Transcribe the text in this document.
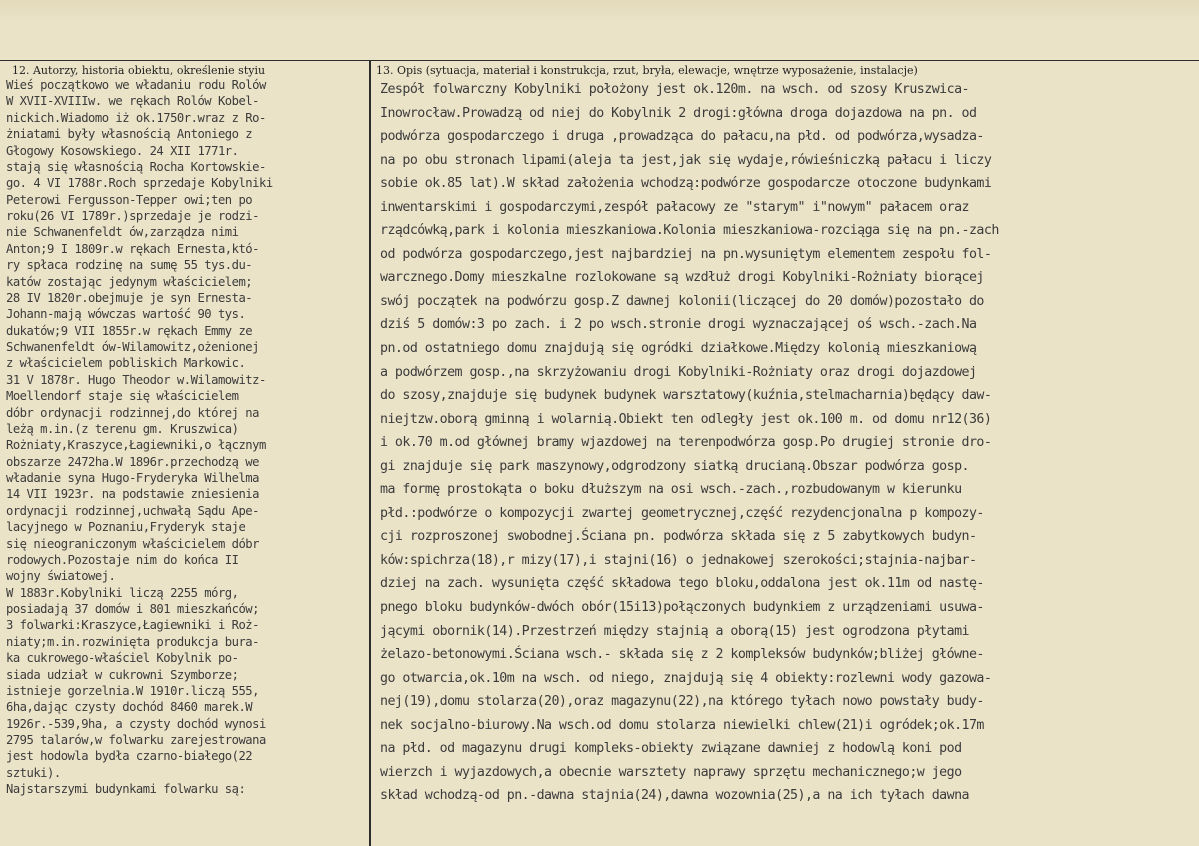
12. Autorzy, historia obiektu, określenie styiu	13. Opis (sytuacja, materiał i konstrukcja, rzut, bryła, elewacje, wnętrze wyposażenie, instalacje)
Wieś początkowo we władaniu rodu Rolów
W XVII-XVIIIw. we rękach Rolów Kobel-
nickich.Wiadomo iż ok.1750r.wraz z Ro-
żniatami były własnością Antoniego z
Głogowy Kosowskiego. 24 XII 1771r.
stają się własnością Rocha Kortowskie-
go. 4 VI 1788r.Roch sprzedaje Kobylniki
Peterowi Fergusson-Tepper owi;ten po
roku(26 VI 1789r.)sprzedaje je rodzi-
nie Schwanenfeldt ów,zarządza nimi
Anton;9 I 1809r.w rękach Ernesta,któ-
ry spłaca rodzinę na sumę 55 tys.du-
katów zostając jedynym właścicielem;
28 IV 1820r.obejmuje je syn Ernesta-
Johann-mają wówczas wartość 90 tys.
dukatów;9 VII 1855r.w rękach Emmy ze
Schwanenfeldt ów-Wilamowitz,ożenionej
z właścicielem pobliskich Markowic.
31 V 1878r. Hugo Theodor w.Wilamowitz-
Moellendorf staje się właścicielem
dóbr ordynacji rodzinnej,do której na
leżą m.in.(z terenu gm. Kruszwica)
Rożniaty,Kraszyce,Łagiewniki,o łącznym
obszarze 2472ha.W 1896r.przechodzą we
władanie syna Hugo-Fryderyka Wilhelma
14 VII 1923r. na podstawie zniesienia
ordynacji rodzinnej,uchwałą Sądu Ape-
lacyjnego w Poznaniu,Fryderyk staje
się nieograniczonym właścicielem dóbr
rodowych.Pozostaje nim do końca II
wojny światowej.
W 1883r.Kobylniki liczą 2255 mórg,
posiadają 37 domów i 801 mieszkańców;
3 folwarki:Kraszyce,Łagiewniki i Roż-
niaty;m.in.rozwinięta produkcja bura-
ka cukrowego-właściel Kobylnik po-
siada udział w cukrowni Szymborze;
istnieje gorzelnia.W 1910r.liczą 555,
6ha,dając czysty dochód 8460 marek.W
1926r.-539,9ha, a czysty dochód wynosi
2795 talarów,w folwarku zarejestrowana
jest hodowla bydła czarno-białego(22
sztuki).
Najstarszymi budynkami folwarku są:
Zespół folwarczny Kobylniki położony jest ok.120m. na wsch. od szosy Kruszwica-
Inowrocław.Prowadzą od niej do Kobylnik 2 drogi:główna droga dojazdowa na pn. od
podwórza gospodarczego i druga ,prowadząca do pałacu,na płd. od podwórza,wysadza-
na po obu stronach lipami(aleja ta jest,jak się wydaje,rówieśniczką pałacu i liczy
sobie ok.85 lat).W skład założenia wchodzą:podwórze gospodarcze otoczone budynkami
inwentarskimi i gospodarczymi,zespół pałacowy ze "starym" i"nowym" pałacem oraz
rządcówką,park i kolonia mieszkaniowa.Kolonia mieszkaniowa-rozciąga się na pn.-zach
od podwórza gospodarczego,jest najbardziej na pn.wysuniętym elementem zespołu fol-
warcznego.Domy mieszkalne rozlokowane są wzdłuż drogi Kobylniki-Rożniaty biorącej
swój początek na podwórzu gosp.Z dawnej kolonii(liczącej do 20 domów)pozostało do
dziś 5 domów:3 po zach. i 2 po wsch.stronie drogi wyznaczającej oś wsch.-zach.Na
pn.od ostatniego domu znajdują się ogródki działkowe.Między kolonią mieszkaniową
a podwórzem gosp.,na skrzyżowaniu drogi Kobylniki-Rożniaty oraz drogi dojazdowej
do szosy,znajduje się budynek budynek warsztatowy(kuźnia,stelmacharnia)będący daw-
niejtzw.oborą gminną i wolarnią.Obiekt ten odległy jest ok.100 m. od domu nr12(36)
i ok.70 m.od głównej bramy wjazdowej na terenpodwórza gosp.Po drugiej stronie dro-
gi znajduje się park maszynowy,odgrodzony siatką drucianą.Obszar podwórza gosp.
ma formę prostokąta o boku dłuższym na osi wsch.-zach.,rozbudowanym w kierunku
płd.:podwórze o kompozycji zwartej geometrycznej,część rezydencjonalna p kompozy-
cji rozproszonej swobodnej.Ściana pn. podwórza składa się z 5 zabytkowych budyn-
ków:spichrza(18),r mizy(17),i stajni(16) o jednakowej szerokości;stajnia-najbar-
dziej na zach. wysunięta część składowa tego bloku,oddalona jest ok.11m od nastę-
pnego bloku budynków-dwóch obór(15i13)połączonych budynkiem z urządzeniami usuwa-
jącymi obornik(14).Przestrzeń między stajnią a oborą(15) jest ogrodzona płytami
żelazo-betonowymi.Ściana wsch.- składa się z 2 kompleksów budynków;bliżej główne-
go otwarcia,ok.10m na wsch. od niego, znajdują się 4 obiekty:rozlewni wody gazowa-
nej(19),domu stolarza(20),oraz magazynu(22),na którego tyłach nowo powstały budy-
nek socjalno-biurowy.Na wsch.od domu stolarza niewielki chlew(21)i ogródek;ok.17m
na płd. od magazynu drugi kompleks-obiekty związane dawniej z hodowlą koni pod
wierzch i wyjazdowych,a obecnie warsztety naprawy sprzętu mechanicznego;w jego
skład wchodzą-od pn.-dawna stajnia(24),dawna wozownia(25),a na ich tyłach dawna
